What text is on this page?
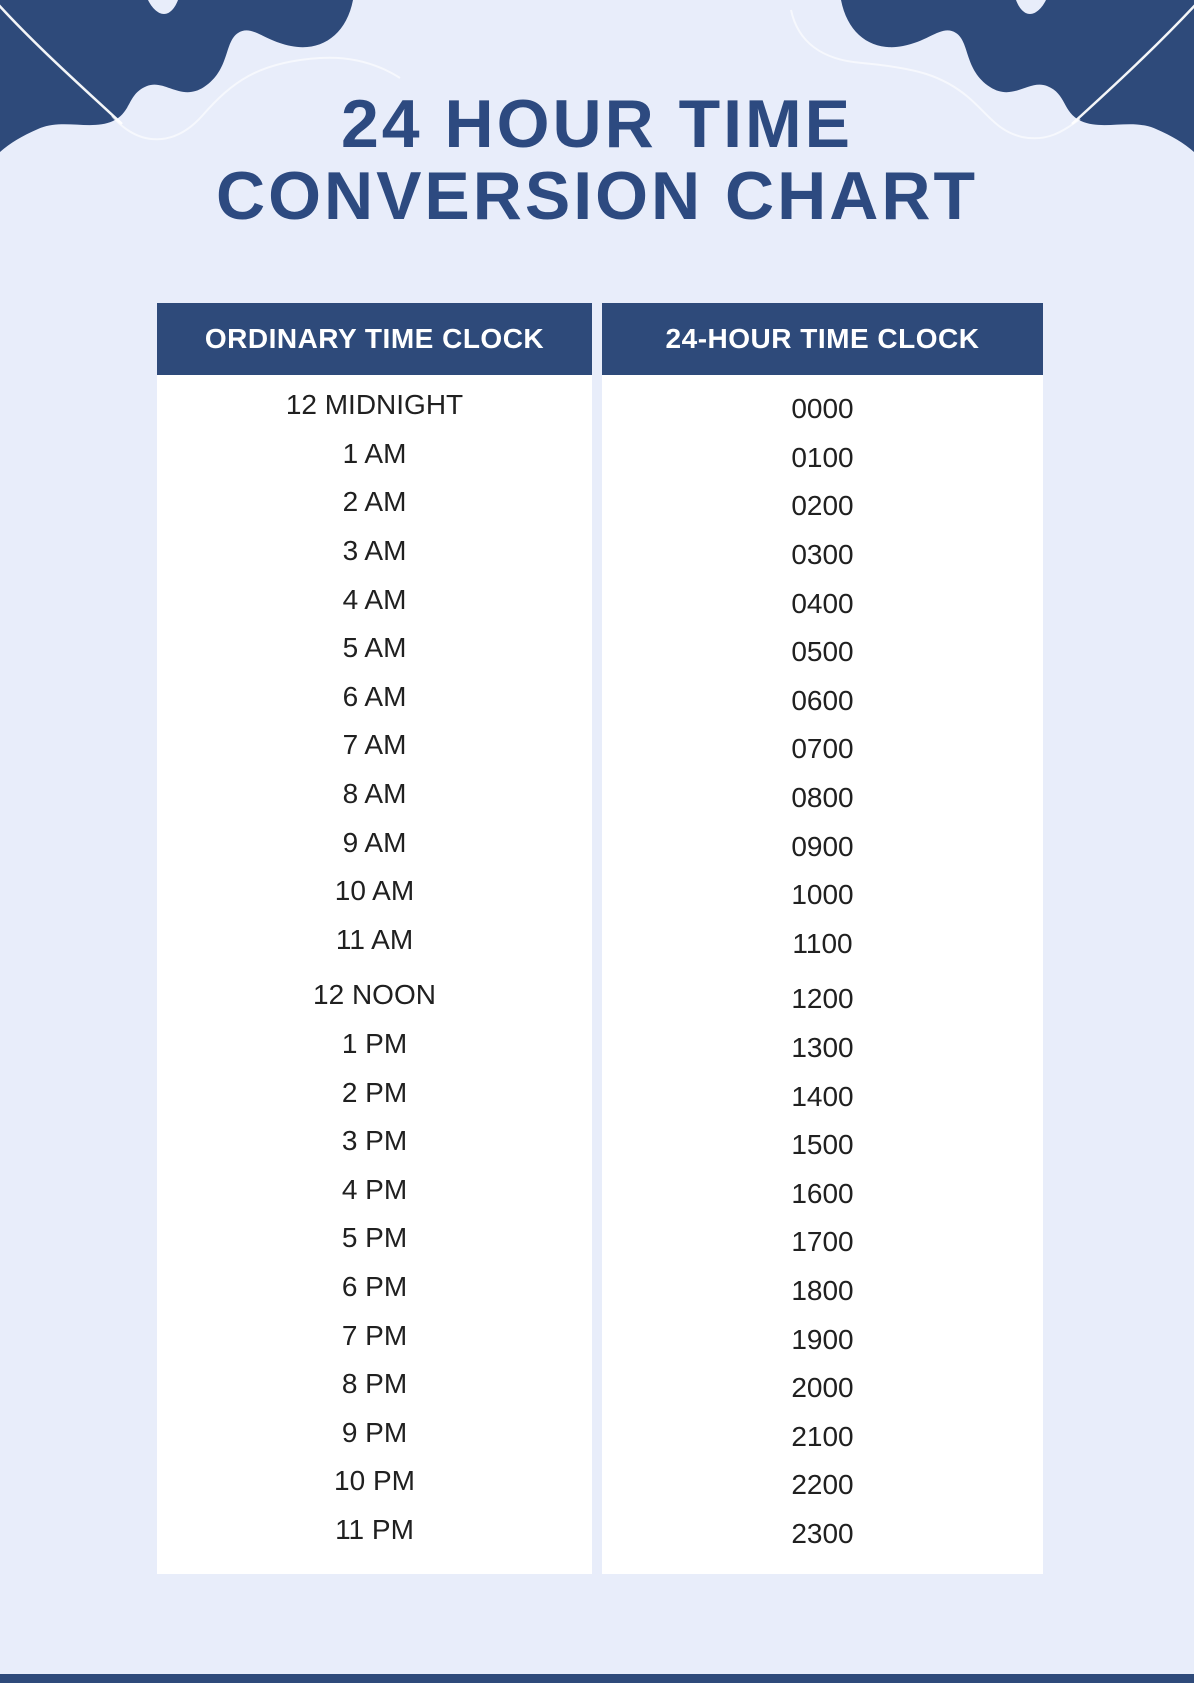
24 HOUR TIME
CONVERSION CHART
ORDINARY TIME CLOCK
12 MIDNIGHT
1 AM
2 AM
3 AM
4 AM
5 AM
6 AM
7 AM
8 AM
9 AM
10 AM
11 AM
12 NOON
1 PM
2 PM
3 PM
4 PM
5 PM
6 PM
7 PM
8 PM
9 PM
10 PM
11 PM
24-HOUR TIME CLOCK
0000
0100
0200
0300
0400
0500
0600
0700
0800
0900
1000
1100
1200
1300
1400
1500
1600
1700
1800
1900
2000
2100
2200
2300
